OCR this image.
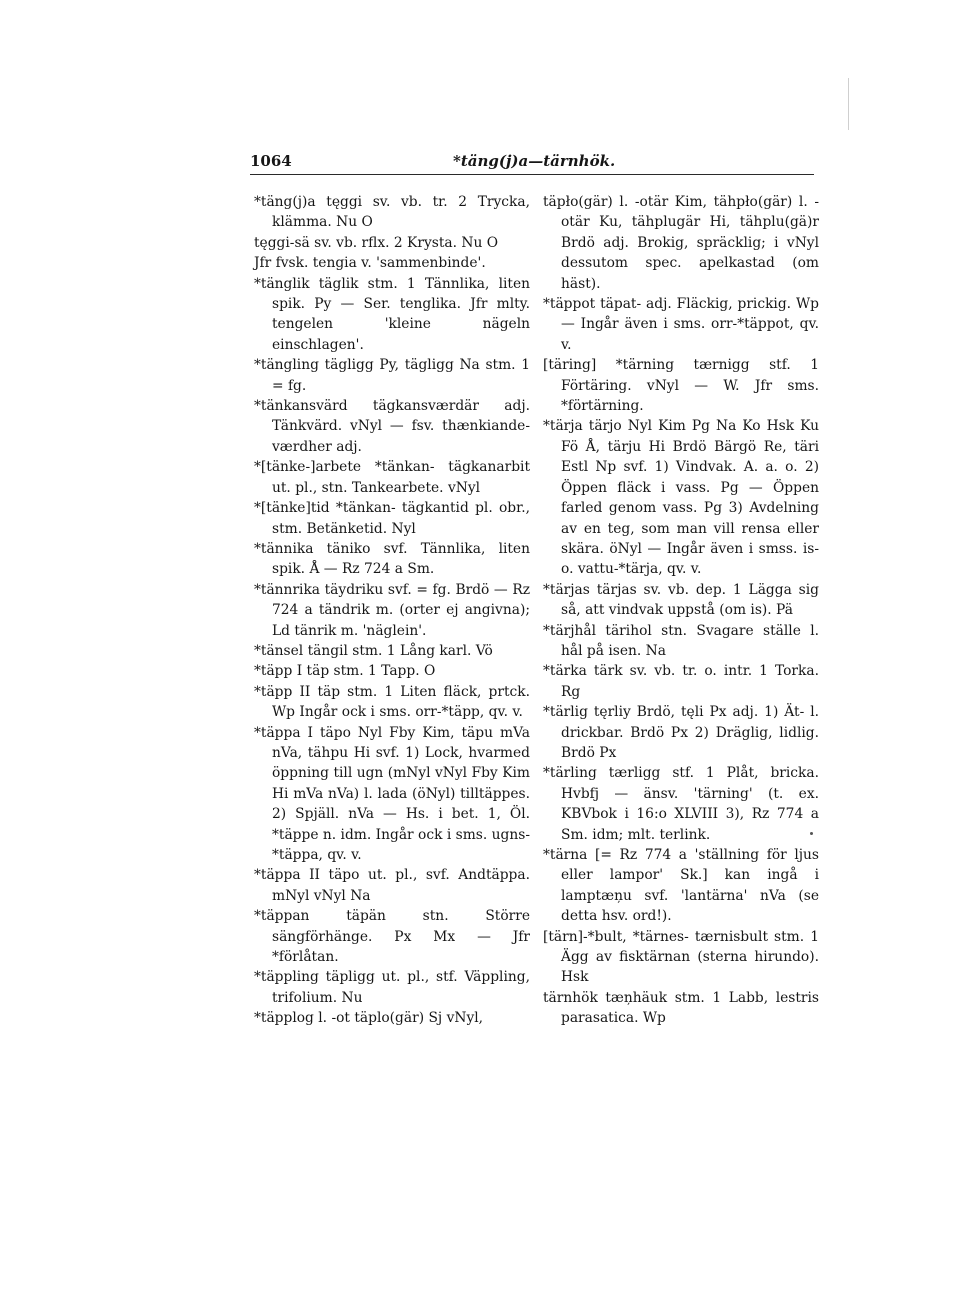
1064	*täng(j)a—tärnhök.

*täng(j)a tęggi sv. vb. tr. 2 Trycka, klämma. Nu O

tęggi-sä sv. vb. rflx. 2 Krysta. Nu O

Jfr fvsk. tengia v. 'sammenbinde'.

*tänglik täglik stm. 1 Tännlika, liten spik. Py — Ser. tenglika. Jfr mlty. tengelen 'kleine nägeln einschlagen'.

*tängling tägligg Py, tägligg Na stm. 1 = fg.

*tänkansvärd tägkansværdär adj. Tänkvärd. vNyl — fsv. thænkiande-værdher adj.

*[tänke-]arbete *tänkan- tägkanarbit ut. pl., stn. Tankearbete. vNyl

*[tänke]tid *tänkan- tägkantid pl. obr., stm. Betänketid. Nyl

*tännika täniko svf. Tännlika, liten spik. Å — Rz 724 a Sm.

*tännrika täydriku svf. = fg. Brdö — Rz 724 a tändrik m. (orter ej angivna); Ld tänrik m. 'näglein'.

*tänsel tängil stm. 1 Lång karl. Vö

*täpp I täp stm. 1 Tapp. O

*täpp II täp stm. 1 Liten fläck, prtck. Wp Ingår ock i sms. orr-*täpp, qv. v.

*täppa I täpo Nyl Fby Kim, täpu mVa nVa, tähpu Hi svf. 1) Lock, hvarmed öppning till ugn (mNyl vNyl Fby Kim Hi mVa nVa) l. lada (öNyl) tilltäppes. 2) Spjäll. nVa — Hs. i bet. 1, Öl. *täppe n. idm. Ingår ock i sms. ugns-*täppa, qv. v.

*täppa II täpo ut. pl., svf. Andtäppa. mNyl vNyl Na

*täppan täpän stn. Större sängförhänge. Px Mx — Jfr *förlåtan.

*täppling täpligg ut. pl., stf. Väppling, trifolium. Nu

*täpplog l. -ot täplo(gär) Sj vNyl,

täpło(gär) l. -otär Kim, tähpło(gär) l. -otär Ku, tähplugär Hi, tähplu(gä)r Brdö adj. Brokig, spräcklig; i vNyl dessutom spec. apelkastad (om häst).

*täppot täpat- adj. Fläckig, prickig. Wp — Ingår även i sms. orr-*täppot, qv. v.

[täring] *tärning tærnigg stf. 1 Förtäring. vNyl — W. Jfr sms. *förtärning.

*tärja tärjo Nyl Kim Pg Na Ko Hsk Ku Fö Å, tärju Hi Brdö Bärgö Re, täri Estl Np svf. 1) Vindvak. A. a. o. 2) Öppen fläck i vass. Pg — Öppen farled genom vass. Pg 3) Avdelning av en teg, som man vill rensa eller skära. öNyl — Ingår även i smss. is- o. vattu-*tärja, qv. v.

*tärjas tärjas sv. vb. dep. 1 Lägga sig så, att vindvak uppstå (om is). Pä

*tärjhål tärihol stn. Svagare ställe l. hål på isen. Na

*tärka tärk sv. vb. tr. o. intr. 1 Torka. Rg

*tärlig tęrliy Brdö, tęli Px adj. 1) Ät- l. drickbar. Brdö Px 2) Dräglig, lidlig. Brdö Px

*tärling tærligg stf. 1 Plåt, bricka. Hvbfj — änsv. 'tärning' (t. ex. KBVbok i 16:o XLVIII 3), Rz 774 a Sm. idm; mlt. terlink.

*tärna [= Rz 774 a 'ställning för ljus eller lampor' Sk.] kan ingå i lamptæņu svf. 'lantärna' nVa (se detta hsv. ord!).

[tärn]-*bult, *tärnes- tærnisbult stm. 1 Ägg av fisktärnan (sterna hirundo). Hsk

tärnhök tæņhäuk stm. 1 Labb, lestris parasatica. Wp
